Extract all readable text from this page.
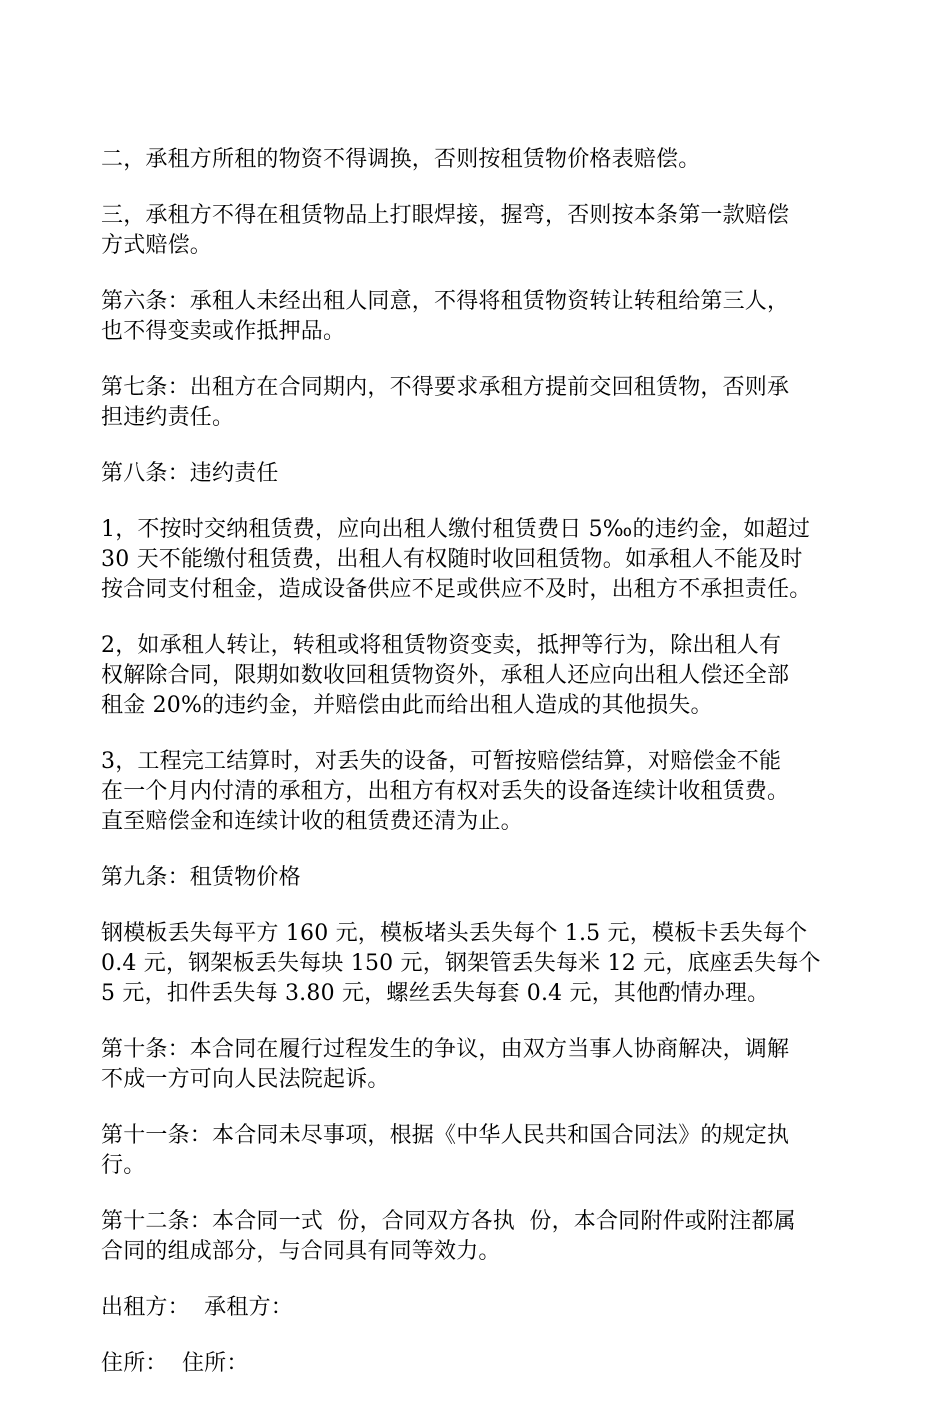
二，承租方所租的物资不得调换，否则按租赁物价格表赔偿。

三，承租方不得在租赁物品上打眼焊接，握弯，否则按本条第一款赔偿
方式赔偿。

第六条：承租人未经出租人同意，不得将租赁物资转让转租给第三人，
也不得变卖或作抵押品。

第七条：出租方在合同期内，不得要求承租方提前交回租赁物，否则承
担违约责任。

第八条：违约责任

1，不按时交纳租赁费，应向出租人缴付租赁费日 5‰的违约金，如超过
30 天不能缴付租赁费，出租人有权随时收回租赁物。如承租人不能及时
按合同支付租金，造成设备供应不足或供应不及时，出租方不承担责任。

2，如承租人转让，转租或将租赁物资变卖，抵押等行为，除出租人有
权解除合同，限期如数收回租赁物资外，承租人还应向出租人偿还全部
租金 20%的违约金，并赔偿由此而给出租人造成的其他损失。

3，工程完工结算时，对丢失的设备，可暂按赔偿结算，对赔偿金不能
在一个月内付清的承租方，出租方有权对丢失的设备连续计收租赁费。
直至赔偿金和连续计收的租赁费还清为止。

第九条：租赁物价格

钢模板丢失每平方 160 元，模板堵头丢失每个 1.5 元，模板卡丢失每个
0.4 元，钢架板丢失每块 150 元，钢架管丢失每米 12 元，底座丢失每个
5 元，扣件丢失每 3.80 元，螺丝丢失每套 0.4 元，其他酌情办理。

第十条：本合同在履行过程发生的争议，由双方当事人协商解决，调解
不成一方可向人民法院起诉。

第十一条：本合同未尽事项，根据《中华人民共和国合同法》的规定执
行。

第十二条：本合同一式  份，合同双方各执  份，本合同附件或附注都属
合同的组成部分，与合同具有同等效力。

出租方：  承租方：

住所：  住所：
